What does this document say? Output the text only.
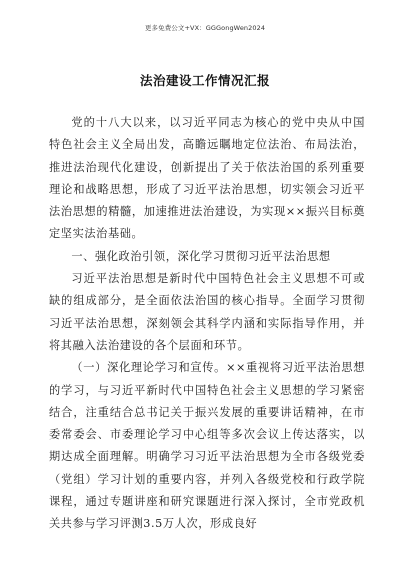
更多免费公文+VX：GGGongWen2024
法治建设工作情况汇报

党的十八大以来，以习近平同志为核心的党中央从中国特色社会主义全局出发，高瞻远瞩地定位法治、布局法治，推进法治现代化建设，创新提出了关于依法治国的系列重要理论和战略思想，形成了习近平法治思想，切实领会习近平法治思想的精髓，加速推进法治建设，为实现××振兴目标奠定坚实法治基础。

一、强化政治引领，深化学习贯彻习近平法治思想

习近平法治思想是新时代中国特色社会主义思想不可或缺的组成部分，是全面依法治国的核心指导。全面学习贯彻习近平法治思想，深刻领会其科学内涵和实际指导作用，并将其融入法治建设的各个层面和环节。

（一）深化理论学习和宣传。××重视将习近平法治思想的学习，与习近平新时代中国特色社会主义思想的学习紧密结合，注重结合总书记关于振兴发展的重要讲话精神，在市委常委会、市委理论学习中心组等多次会议上传达落实，以期达成全面理解。明确学习习近平法治思想为全市各级党委（党组）学习计划的重要内容，并列入各级党校和行政学院课程，通过专题讲座和研究课题进行深入探讨，全市党政机关共参与学习评测3.5万人次，形成良好
